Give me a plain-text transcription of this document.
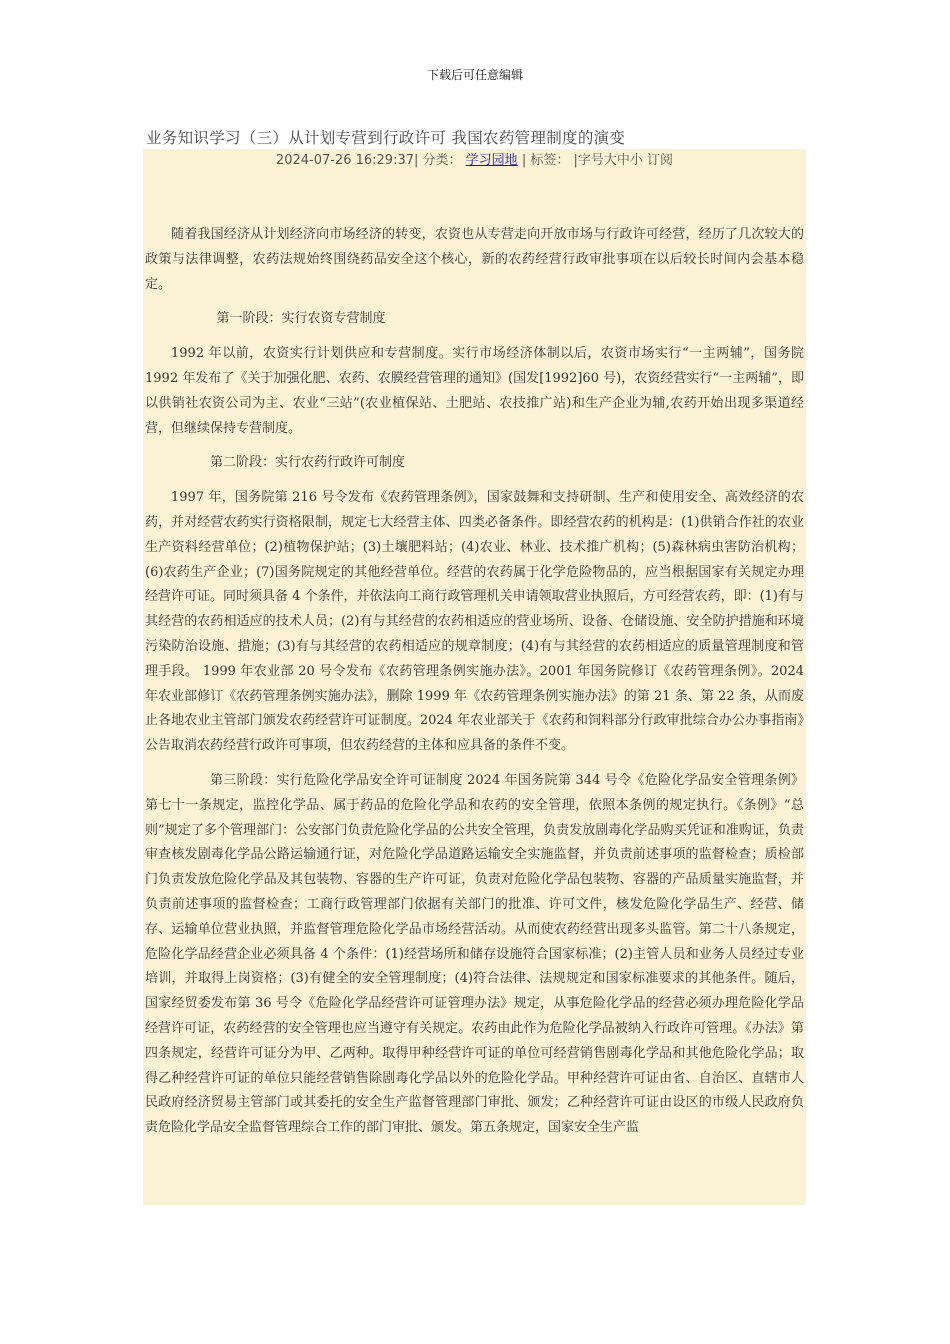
下载后可任意编辑
业务知识学习（三）从计划专营到行政许可 我国农药管理制度的演变
2024-07-26 16:29:37| 分类： 学习园地 | 标签： |字号大中小 订阅

随着我国经济从计划经济向市场经济的转变，农资也从专营走向开放市场与行政许可经营，经历了几次较大的政策与法律调整，农药法规始终围绕药品安全这个核心，新的农药经营行政审批事项在以后较长时间内会基本稳定。

第一阶段：实行农资专营制度

1992 年以前，农资实行计划供应和专营制度。实行市场经济体制以后，农资市场实行“一主两辅”，国务院 1992 年发布了《关于加强化肥、农药、农膜经营管理的通知》(国发[1992]60 号)，农资经营实行“一主两辅”，即以供销社农资公司为主、农业“三站”(农业植保站、土肥站、农技推广站)和生产企业为辅,农药开始出现多渠道经营，但继续保持专营制度。

第二阶段：实行农药行政许可制度

1997 年，国务院第 216 号令发布《农药管理条例》，国家鼓舞和支持研制、生产和使用安全、高效经济的农药，并对经营农药实行资格限制，规定七大经营主体、四类必备条件。即经营农药的机构是：(1)供销合作社的农业生产资料经营单位；(2)植物保护站；(3)土壤肥料站；(4)农业、林业、技术推广机构；(5)森林病虫害防治机构；(6)农药生产企业；(7)国务院规定的其他经营单位。经营的农药属于化学危险物品的，应当根据国家有关规定办理经营许可证。同时须具备 4 个条件，并依法向工商行政管理机关申请领取营业执照后，方可经营农药，即：(1)有与其经营的农药相适应的技术人员；(2)有与其经营的农药相适应的营业场所、设备、仓储设施、安全防护措施和环境污染防治设施、措施；(3)有与其经营的农药相适应的规章制度；(4)有与其经营的农药相适应的质量管理制度和管理手段。 1999 年农业部 20 号令发布《农药管理条例实施办法》。2001 年国务院修订《农药管理条例》。2024 年农业部修订《农药管理条例实施办法》，删除 1999 年《农药管理条例实施办法》的第 21 条、第 22 条，从而废止各地农业主管部门颁发农药经营许可证制度。2024 年农业部关于《农药和饲料部分行政审批综合办公办事指南》公告取消农药经营行政许可事项，但农药经营的主体和应具备的条件不变。

第三阶段：实行危险化学品安全许可证制度 2024 年国务院第 344 号令《危险化学品安全管理条例》第七十一条规定，监控化学品、属于药品的危险化学品和农药的安全管理，依照本条例的规定执行。《条例》“总则”规定了多个管理部门：公安部门负责危险化学品的公共安全管理，负责发放剧毒化学品购买凭证和准购证，负责审查核发剧毒化学品公路运输通行证，对危险化学品道路运输安全实施监督，并负责前述事项的监督检查；质检部门负责发放危险化学品及其包装物、容器的生产许可证，负责对危险化学品包装物、容器的产品质量实施监督，并负责前述事项的监督检查；工商行政管理部门依据有关部门的批准、许可文件，核发危险化学品生产、经营、储存、运输单位营业执照，并监督管理危险化学品市场经营活动。从而使农药经营出现多头监管。第二十八条规定，危险化学品经营企业必须具备 4 个条件：(1)经营场所和储存设施符合国家标准；(2)主管人员和业务人员经过专业培训，并取得上岗资格；(3)有健全的安全管理制度；(4)符合法律、法规规定和国家标准要求的其他条件。随后，国家经贸委发布第 36 号令《危险化学品经营许可证管理办法》规定，从事危险化学品的经营必须办理危险化学品经营许可证，农药经营的安全管理也应当遵守有关规定。农药由此作为危险化学品被纳入行政许可管理。《办法》第四条规定，经营许可证分为甲、乙两种。取得甲种经营许可证的单位可经营销售剧毒化学品和其他危险化学品；取得乙种经营许可证的单位只能经营销售除剧毒化学品以外的危险化学品。甲种经营许可证由省、自治区、直辖市人民政府经济贸易主管部门或其委托的安全生产监督管理部门审批、颁发；乙种经营许可证由设区的市级人民政府负责危险化学品安全监督管理综合工作的部门审批、颁发。第五条规定，国家安全生产监
